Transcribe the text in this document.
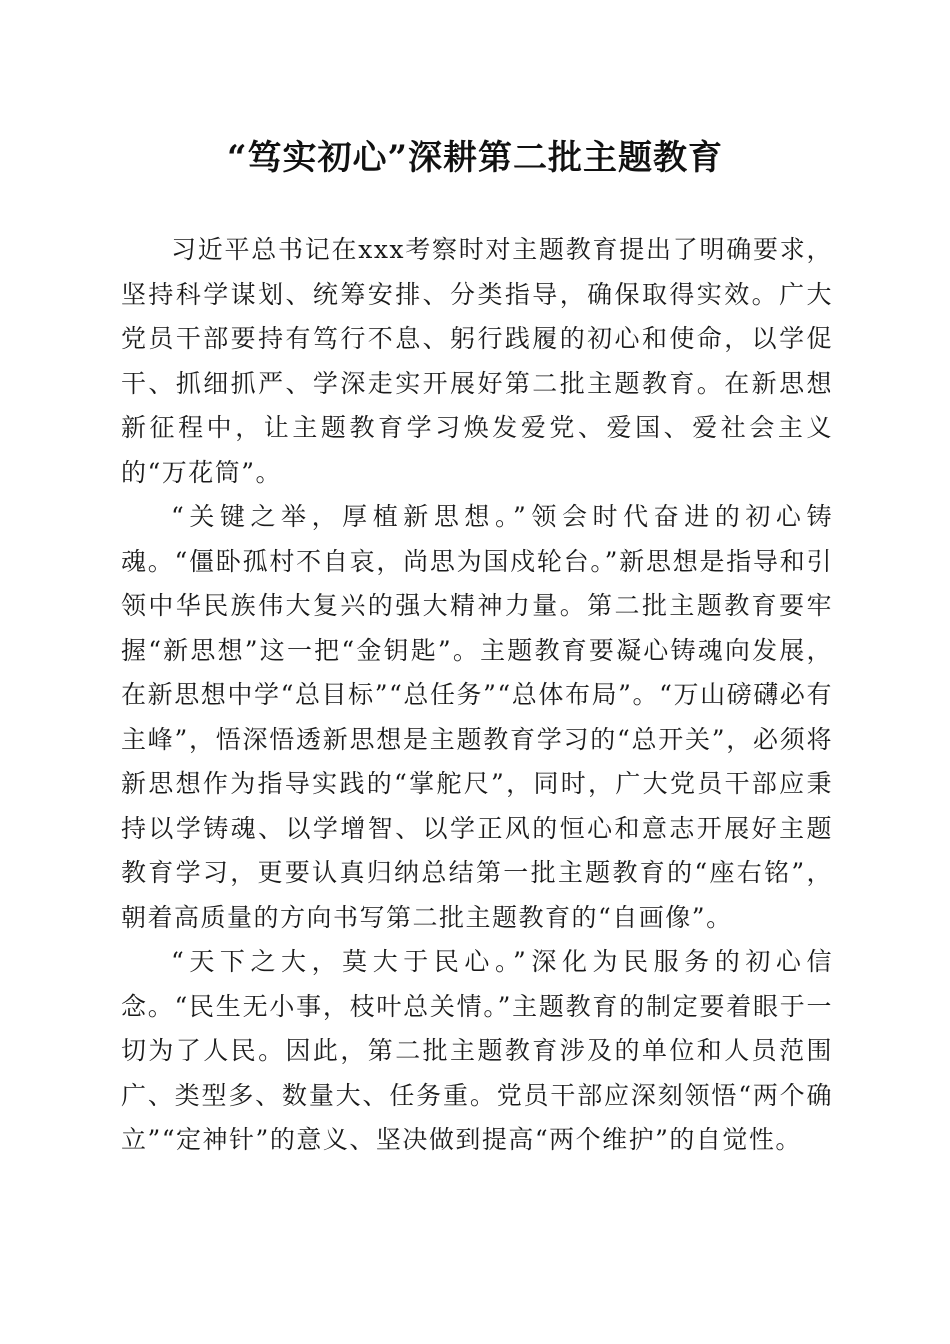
“笃实初心”深耕第二批主题教育

习近平总书记在xxx考察时对主题教育提出了明确要求，坚持科学谋划、统筹安排、分类指导，确保取得实效。广大党员干部要持有笃行不息、躬行践履的初心和使命，以学促干、抓细抓严、学深走实开展好第二批主题教育。在新思想新征程中，让主题教育学习焕发爱党、爱国、爱社会主义的“万花筒”。

“关键之举，厚植新思想。”领会时代奋进的初心铸魂。“僵卧孤村不自哀，尚思为国戍轮台。”新思想是指导和引领中华民族伟大复兴的强大精神力量。第二批主题教育要牢握“新思想”这一把“金钥匙”。主题教育要凝心铸魂向发展，在新思想中学“总目标”“总任务”“总体布局”。“万山磅礴必有主峰”，悟深悟透新思想是主题教育学习的“总开关”，必须将新思想作为指导实践的“掌舵尺”，同时，广大党员干部应秉持以学铸魂、以学增智、以学正风的恒心和意志开展好主题教育学习，更要认真归纳总结第一批主题教育的“座右铭”，朝着高质量的方向书写第二批主题教育的“自画像”。

“天下之大，莫大于民心。”深化为民服务的初心信念。“民生无小事，枝叶总关情。”主题教育的制定要着眼于一切为了人民。因此，第二批主题教育涉及的单位和人员范围广、类型多、数量大、任务重。党员干部应深刻领悟“两个确立”“定神针”的意义、坚决做到提高“两个维护”的自觉性。
